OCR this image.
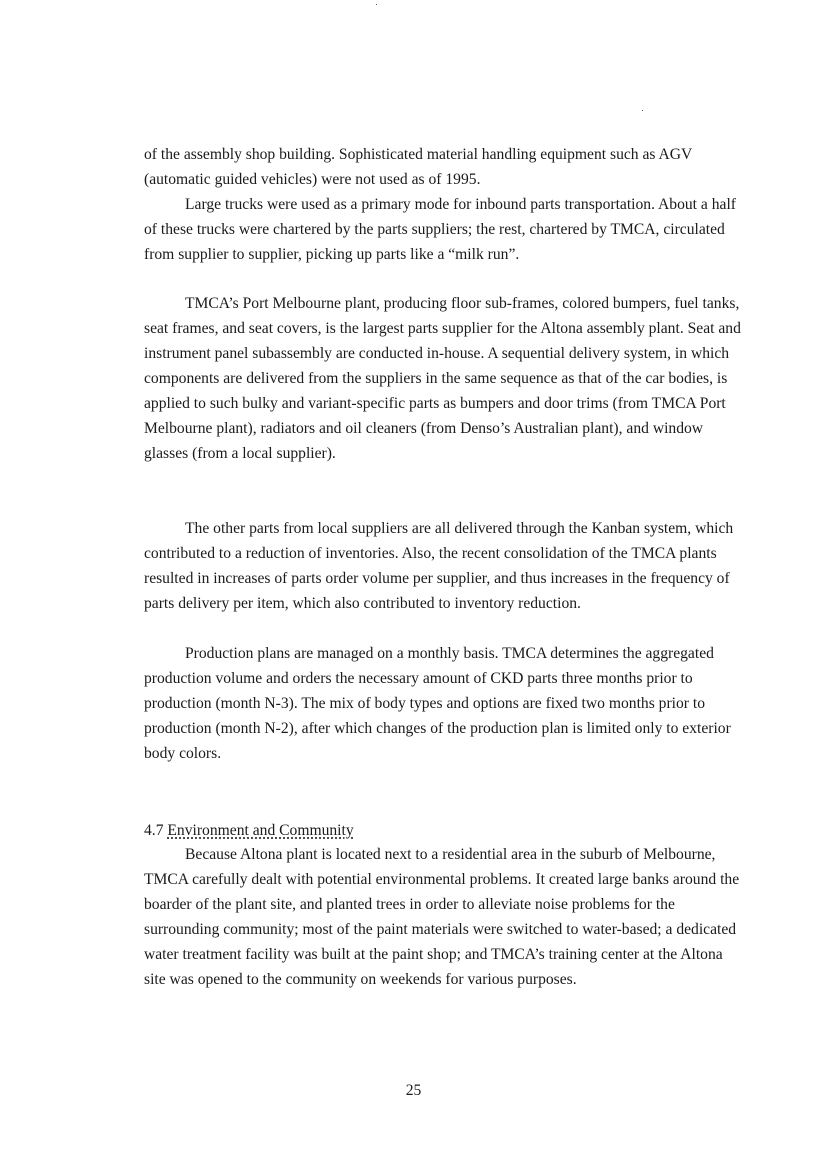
of the assembly shop building. Sophisticated material handling equipment such as AGV (automatic guided vehicles) were not used as of 1995.

Large trucks were used as a primary mode for inbound parts transportation. About a half of these trucks were chartered by the parts suppliers; the rest, chartered by TMCA, circulated from supplier to supplier, picking up parts like a “milk run”.

TMCA’s Port Melbourne plant, producing floor sub-frames, colored bumpers, fuel tanks, seat frames, and seat covers, is the largest parts supplier for the Altona assembly plant. Seat and instrument panel subassembly are conducted in-house. A sequential delivery system, in which components are delivered from the suppliers in the same sequence as that of the car bodies, is applied to such bulky and variant-specific parts as bumpers and door trims (from TMCA Port Melbourne plant), radiators and oil cleaners (from Denso’s Australian plant), and window glasses (from a local supplier).

The other parts from local suppliers are all delivered through the Kanban system, which contributed to a reduction of inventories. Also, the recent consolidation of the TMCA plants resulted in increases of parts order volume per supplier, and thus increases in the frequency of parts delivery per item, which also contributed to inventory reduction.

Production plans are managed on a monthly basis. TMCA determines the aggregated production volume and orders the necessary amount of CKD parts three months prior to production (month N-3). The mix of body types and options are fixed two months prior to production (month N-2), after which changes of the production plan is limited only to exterior body colors.

4.7 Environment and Community

Because Altona plant is located next to a residential area in the suburb of Melbourne, TMCA carefully dealt with potential environmental problems. It created large banks around the boarder of the plant site, and planted trees in order to alleviate noise problems for the surrounding community; most of the paint materials were switched to water-based; a dedicated water treatment facility was built at the paint shop; and TMCA’s training center at the Altona site was opened to the community on weekends for various purposes.

25
